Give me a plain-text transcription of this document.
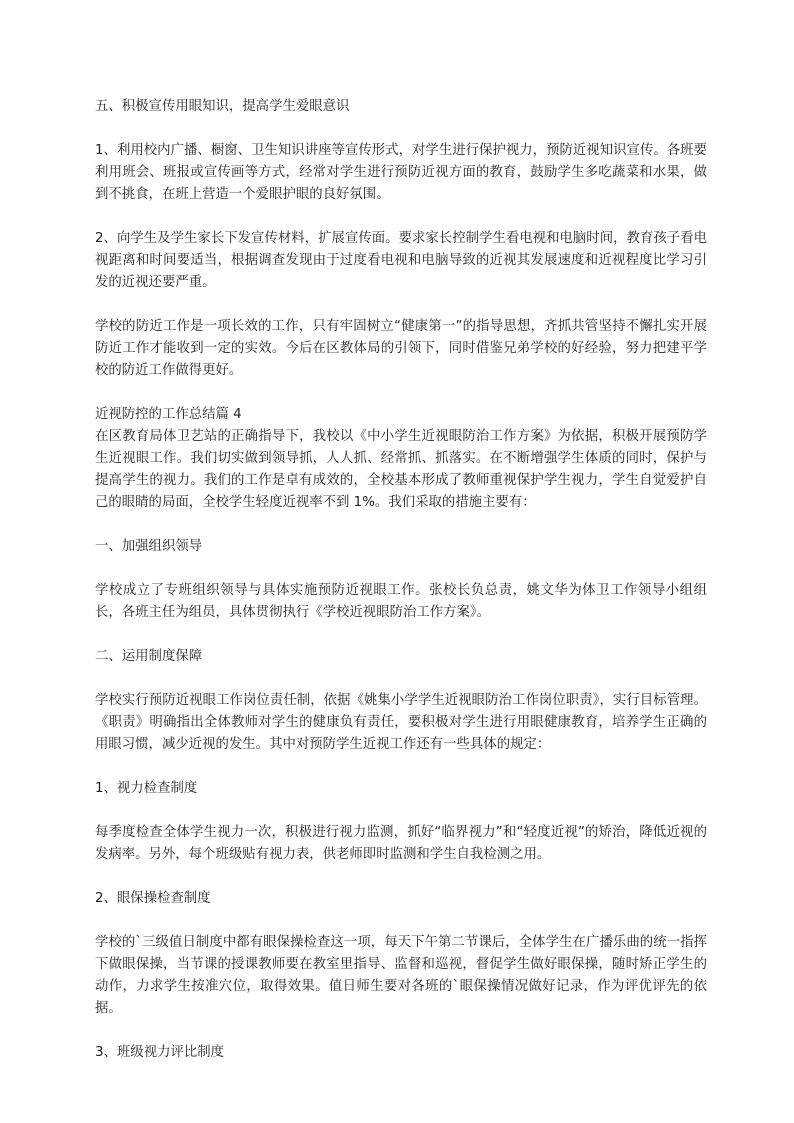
五、积极宣传用眼知识，提高学生爱眼意识

1、利用校内广播、橱窗、卫生知识讲座等宣传形式，对学生进行保护视力，预防近视知识宣传。各班要利用班会、班报或宣传画等方式，经常对学生进行预防近视方面的教育，鼓励学生多吃蔬菜和水果，做到不挑食，在班上营造一个爱眼护眼的良好氛围。

2、向学生及学生家长下发宣传材料，扩展宣传面。要求家长控制学生看电视和电脑时间，教育孩子看电视距离和时间要适当，根据调查发现由于过度看电视和电脑导致的近视其发展速度和近视程度比学习引发的近视还要严重。

学校的防近工作是一项长效的工作，只有牢固树立“健康第一”的指导思想，齐抓共管坚持不懈扎实开展防近工作才能收到一定的实效。今后在区教体局的引领下，同时借鉴兄弟学校的好经验，努力把建平学校的防近工作做得更好。

近视防控的工作总结篇 4

在区教育局体卫艺站的正确指导下，我校以《中小学生近视眼防治工作方案》为依据，积极开展预防学生近视眼工作。我们切实做到领导抓，人人抓、经常抓、抓落实。在不断增强学生体质的同时，保护与提高学生的视力。我们的工作是卓有成效的，全校基本形成了教师重视保护学生视力，学生自觉爱护自己的眼睛的局面，全校学生轻度近视率不到 1%。我们采取的措施主要有：

一、加强组织领导

学校成立了专班组织领导与具体实施预防近视眼工作。张校长负总责，姚文华为体卫工作领导小组组长，各班主任为组员，具体贯彻执行《学校近视眼防治工作方案》。

二、运用制度保障

学校实行预防近视眼工作岗位责任制，依据《姚集小学学生近视眼防治工作岗位职责》，实行目标管理。《职责》明确指出全体教师对学生的健康负有责任，要积极对学生进行用眼健康教育，培养学生正确的用眼习惯，减少近视的发生。其中对预防学生近视工作还有一些具体的规定：

1、视力检查制度

每季度检查全体学生视力一次，积极进行视力监测，抓好“临界视力”和“轻度近视”的矫治，降低近视的发病率。另外，每个班级贴有视力表，供老师即时监测和学生自我检测之用。

2、眼保操检查制度

学校的`三级值日制度中都有眼保操检查这一项，每天下午第二节课后，全体学生在广播乐曲的统一指挥下做眼保操，当节课的授课教师要在教室里指导、监督和巡视，督促学生做好眼保操，随时矫正学生的动作，力求学生按准穴位，取得效果。值日师生要对各班的`眼保操情况做好记录，作为评优评先的依据。

3、班级视力评比制度
